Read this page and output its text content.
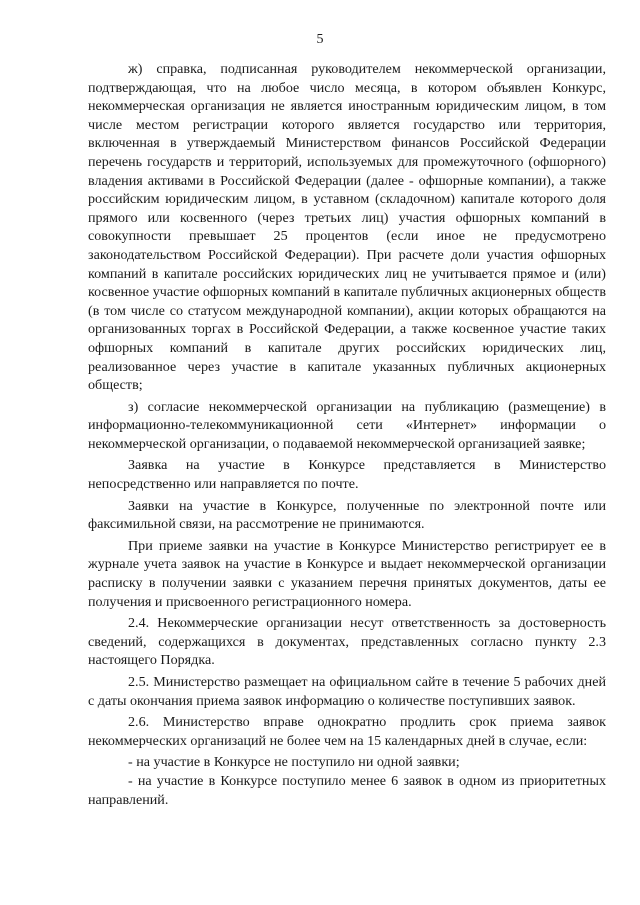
5

ж) справка, подписанная руководителем некоммерческой организации, подтверждающая, что на любое число месяца, в котором объявлен Конкурс, некоммерческая организация не является иностранным юридическим лицом, в том числе местом регистрации которого является государство или территория, включенная в утверждаемый Министерством финансов Российской Федерации перечень государств и территорий, используемых для промежуточного (офшорного) владения активами в Российской Федерации (далее - офшорные компании), а также российским юридическим лицом, в уставном (складочном) капитале которого доля прямого или косвенного (через третьих лиц) участия офшорных компаний в совокупности превышает 25 процентов (если иное не предусмотрено законодательством Российской Федерации). При расчете доли участия офшорных компаний в капитале российских юридических лиц не учитывается прямое и (или) косвенное участие офшорных компаний в капитале публичных акционерных обществ (в том числе со статусом международной компании), акции которых обращаются на организованных торгах в Российской Федерации, а также косвенное участие таких офшорных компаний в капитале других российских юридических лиц, реализованное через участие в капитале указанных публичных акционерных обществ;

з) согласие некоммерческой организации на публикацию (размещение) в информационно-телекоммуникационной сети «Интернет» информации о некоммерческой организации, о подаваемой некоммерческой организацией заявке;

Заявка на участие в Конкурсе представляется в Министерство непосредственно или направляется по почте.

Заявки на участие в Конкурсе, полученные по электронной почте или факсимильной связи, на рассмотрение не принимаются.

При приеме заявки на участие в Конкурсе Министерство регистрирует ее в журнале учета заявок на участие в Конкурсе и выдает некоммерческой организации расписку в получении заявки с указанием перечня принятых документов, даты ее получения и присвоенного регистрационного номера.

2.4. Некоммерческие организации несут ответственность за достоверность сведений, содержащихся в документах, представленных согласно пункту 2.3 настоящего Порядка.

2.5. Министерство размещает на официальном сайте в течение 5 рабочих дней с даты окончания приема заявок информацию о количестве поступивших заявок.

2.6. Министерство вправе однократно продлить срок приема заявок некоммерческих организаций не более чем на 15 календарных дней в случае, если:

- на участие в Конкурсе не поступило ни одной заявки;

- на участие в Конкурсе поступило менее 6 заявок в одном из приоритетных направлений.
